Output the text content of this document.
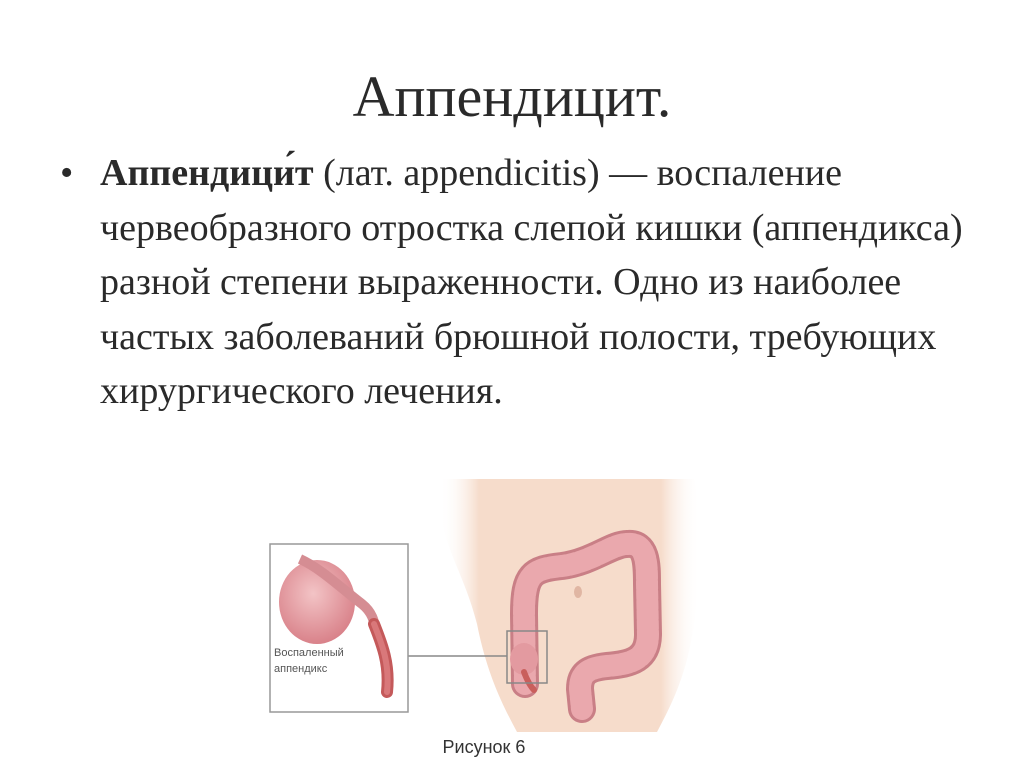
Аппендицит.
• Аппендици́т (лат. appendicitis) — воспаление червеобразного отростка слепой кишки (аппендикса) разной степени выраженности. Одно из наиболее частых заболеваний брюшной полости, требующих хирургического лечения.
Воспаленный
аппендикс
Рисунок 6
